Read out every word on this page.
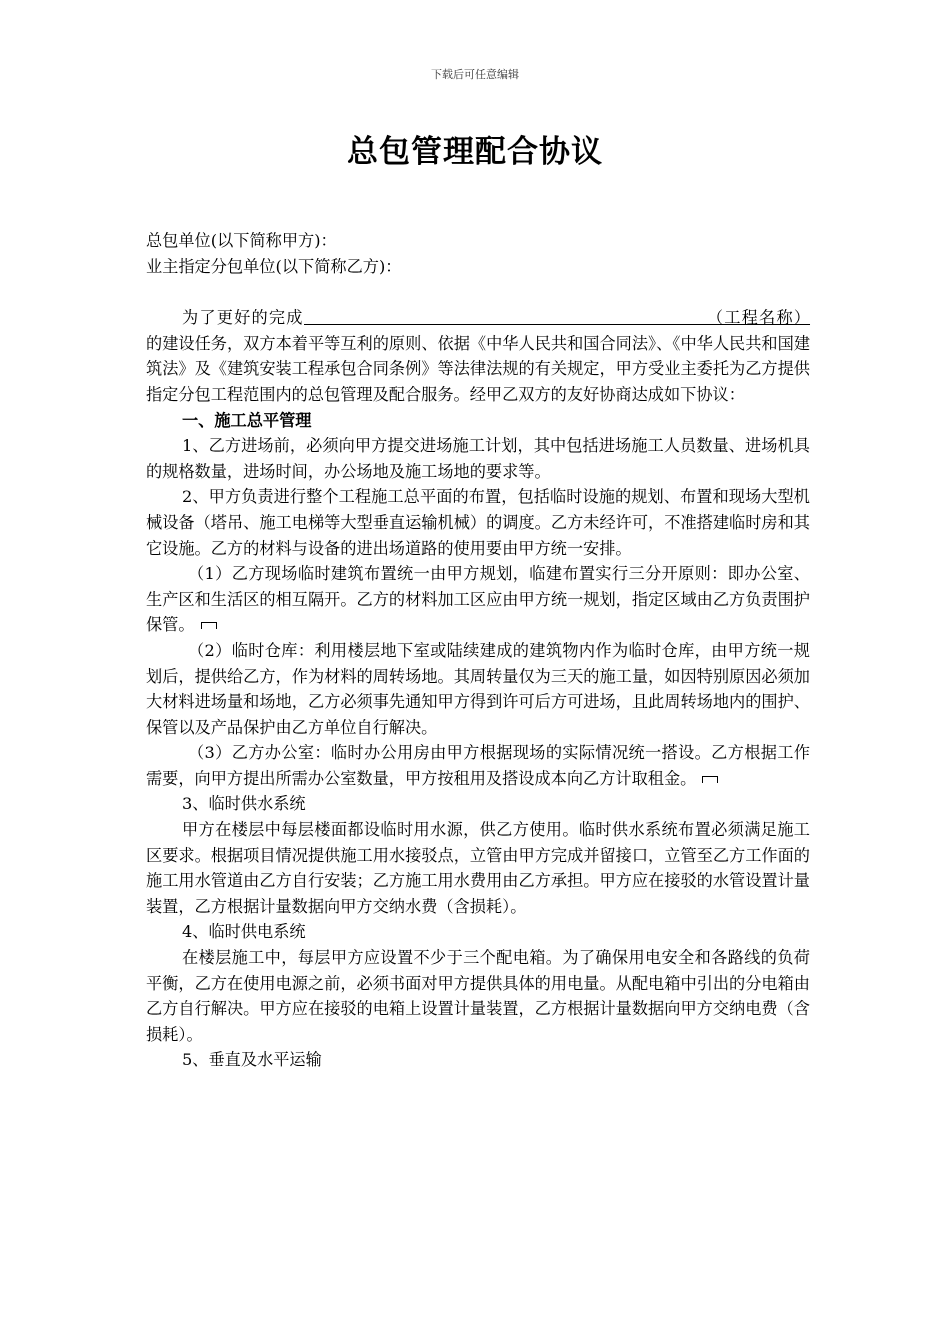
下载后可任意编辑
总包管理配合协议

总包单位(以下简称甲方)：

业主指定分包单位(以下简称乙方)：

为了更好的完成	（工程名称）的建设任务，双方本着平等互利的原则、依据《中华人民共和国合同法》、《中华人民共和国建筑法》及《建筑安装工程承包合同条例》等法律法规的有关规定，甲方受业主委托为乙方提供指定分包工程范围内的总包管理及配合服务。经甲乙双方的友好协商达成如下协议：

一、施工总平管理

1、乙方进场前，必须向甲方提交进场施工计划，其中包括进场施工人员数量、进场机具的规格数量，进场时间，办公场地及施工场地的要求等。

2、甲方负责进行整个工程施工总平面的布置，包括临时设施的规划、布置和现场大型机械设备（塔吊、施工电梯等大型垂直运输机械）的调度。乙方未经许可，不准搭建临时房和其它设施。乙方的材料与设备的进出场道路的使用要由甲方统一安排。

（1）乙方现场临时建筑布置统一由甲方规划，临建布置实行三分开原则：即办公室、生产区和生活区的相互隔开。乙方的材料加工区应由甲方统一规划，指定区域由乙方负责围护保管。

（2）临时仓库：利用楼层地下室或陆续建成的建筑物内作为临时仓库，由甲方统一规划后，提供给乙方，作为材料的周转场地。其周转量仅为三天的施工量，如因特别原因必须加大材料进场量和场地，乙方必须事先通知甲方得到许可后方可进场，且此周转场地内的围护、保管以及产品保护由乙方单位自行解决。

（3）乙方办公室：临时办公用房由甲方根据现场的实际情况统一搭设。乙方根据工作需要，向甲方提出所需办公室数量，甲方按租用及搭设成本向乙方计取租金。

3、临时供水系统

甲方在楼层中每层楼面都设临时用水源，供乙方使用。临时供水系统布置必须满足施工区要求。根据项目情况提供施工用水接驳点，立管由甲方完成并留接口，立管至乙方工作面的施工用水管道由乙方自行安装；乙方施工用水费用由乙方承担。甲方应在接驳的水管设置计量装置，乙方根据计量数据向甲方交纳水费（含损耗）。

4、临时供电系统

在楼层施工中，每层甲方应设置不少于三个配电箱。为了确保用电安全和各路线的负荷平衡，乙方在使用电源之前，必须书面对甲方提供具体的用电量。从配电箱中引出的分电箱由乙方自行解决。甲方应在接驳的电箱上设置计量装置，乙方根据计量数据向甲方交纳电费（含损耗）。

5、垂直及水平运输
